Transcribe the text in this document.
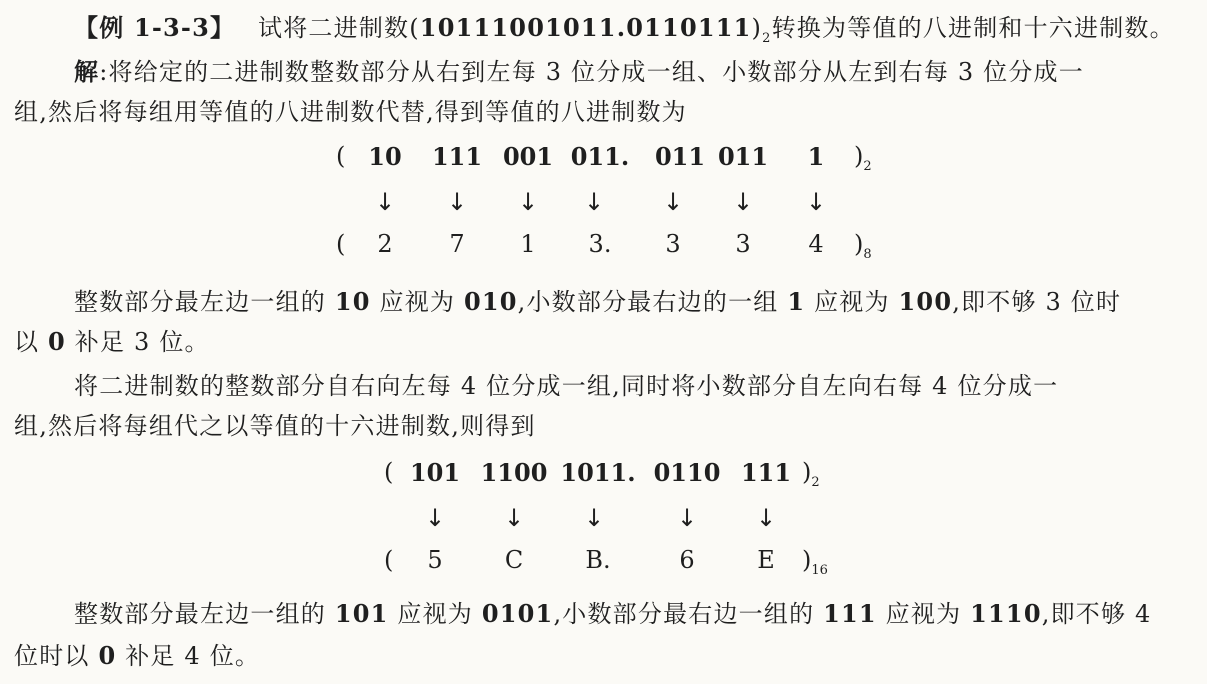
【例 1-3-3】 试将二进制数$(10111001011.0110111)_2$转换为等值的八进制和十六进制数。
解:将给定的二进制数整数部分从右到左每 3 位分成一组、小数部分从左到右每 3 位分成一
组,然后将每组用等值的八进制数代替,得到等值的八进制数为
( 10 111 001 011. 011 011 1 )$_2$
↓ ↓ ↓ ↓ ↓ ↓ ↓
( 2 7 1 3. 3 3 4 )$_8$
整数部分最左边一组的 10 应视为 010,小数部分最右边的一组 1 应视为 100,即不够 3 位时
以 0 补足 3 位。
将二进制数的整数部分自右向左每 4 位分成一组,同时将小数部分自左向右每 4 位分成一
组,然后将每组代之以等值的十六进制数,则得到
( 101 1100 1011. 0110 111 )$_2$
↓ ↓ ↓	↓ ↓
( 5	C	B.	6	E )$_{16}$
整数部分最左边一组的 101 应视为 0101,小数部分最右边一组的 111 应视为 1110,即不够 4
位时以 0 补足 4 位。
